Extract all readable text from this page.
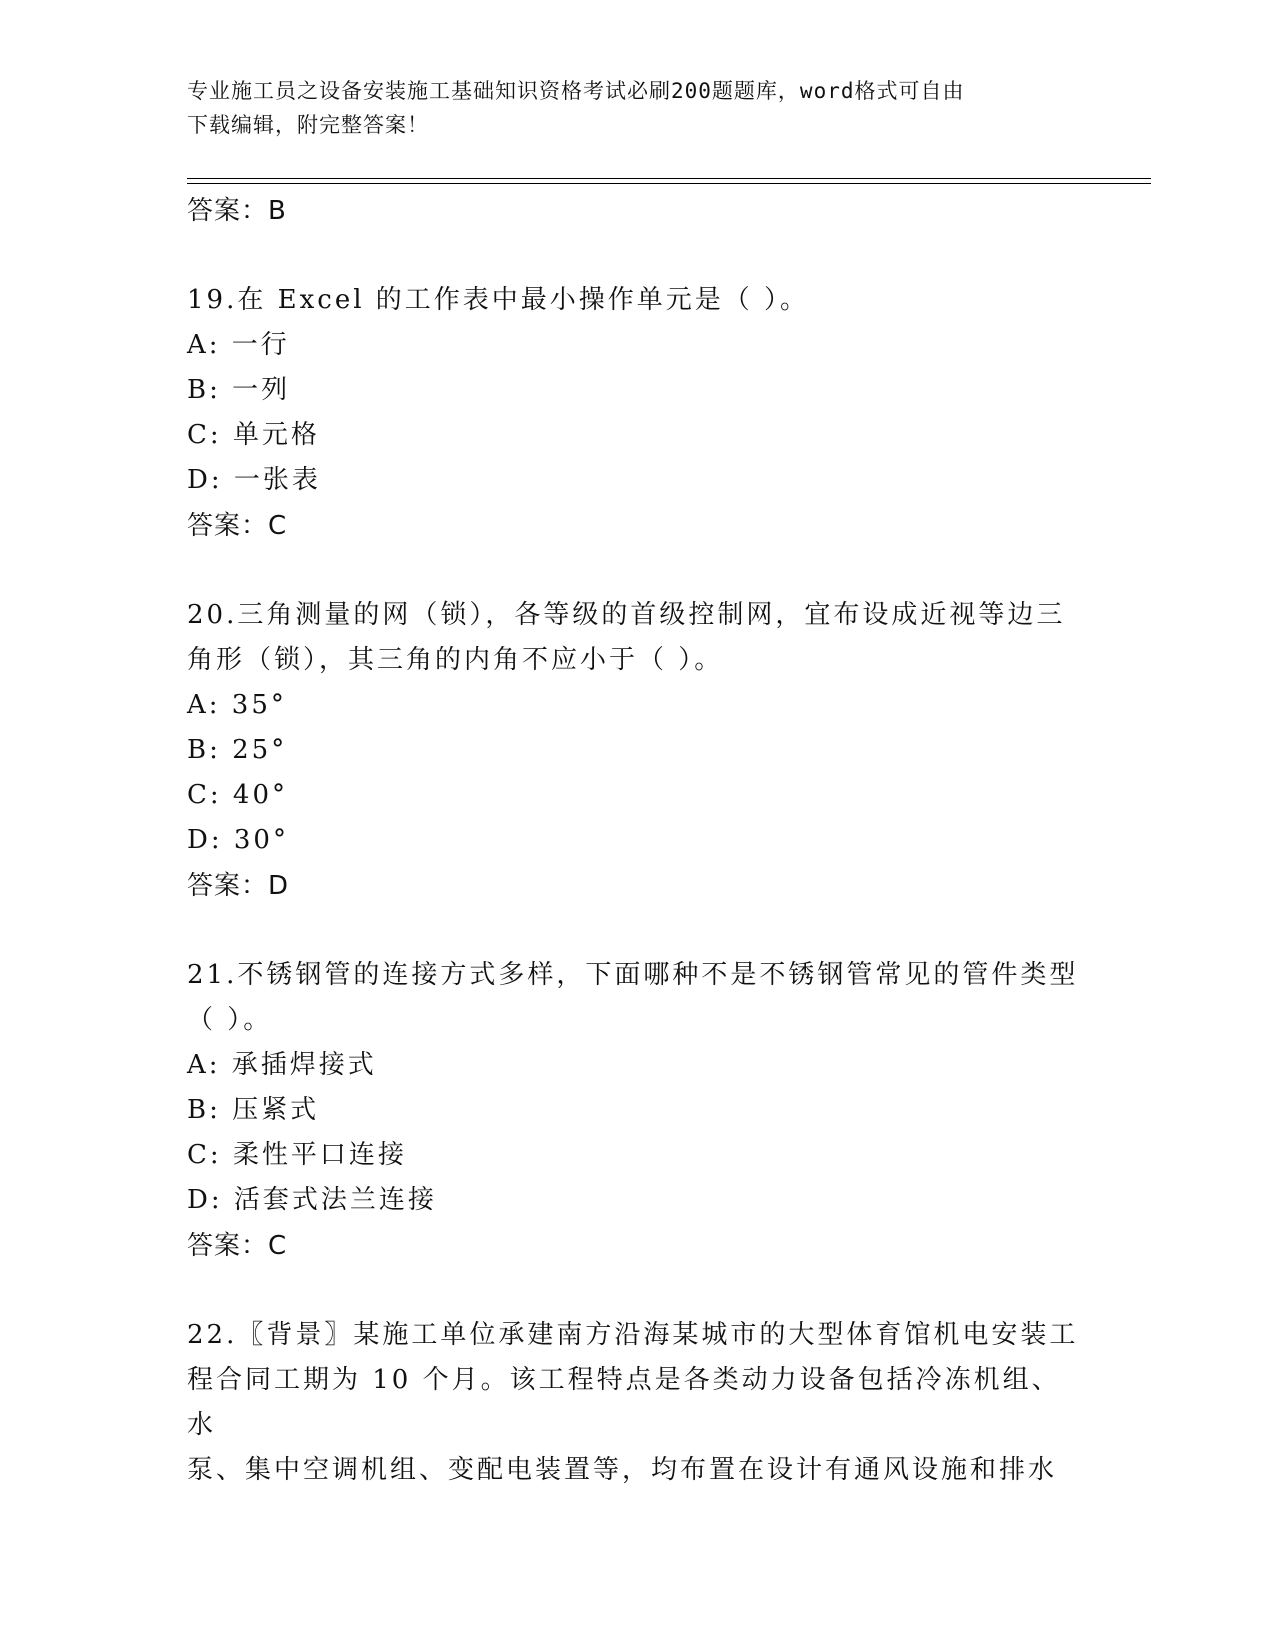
专业施工员之设备安装施工基础知识资格考试必刷200题题库，word格式可自由
下载编辑，附完整答案！
答案：B
19.在 Excel 的工作表中最小操作单元是（ ）。
A: 一行
B: 一列
C: 单元格
D: 一张表
答案：C
20.三角测量的网（锁），各等级的首级控制网，宜布设成近视等边三
角形（锁），其三角的内角不应小于（ ）。
A: 35°
B: 25°
C: 40°
D: 30°
答案：D
21.不锈钢管的连接方式多样，下面哪种不是不锈钢管常见的管件类型
（ ）。
A: 承插焊接式
B: 压紧式
C: 柔性平口连接
D: 活套式法兰连接
答案：C
22.〖背景〗某施工单位承建南方沿海某城市的大型体育馆机电安装工
程合同工期为 10 个月。该工程特点是各类动力设备包括冷冻机组、水
泵、集中空调机组、变配电装置等，均布置在设计有通风设施和排水
